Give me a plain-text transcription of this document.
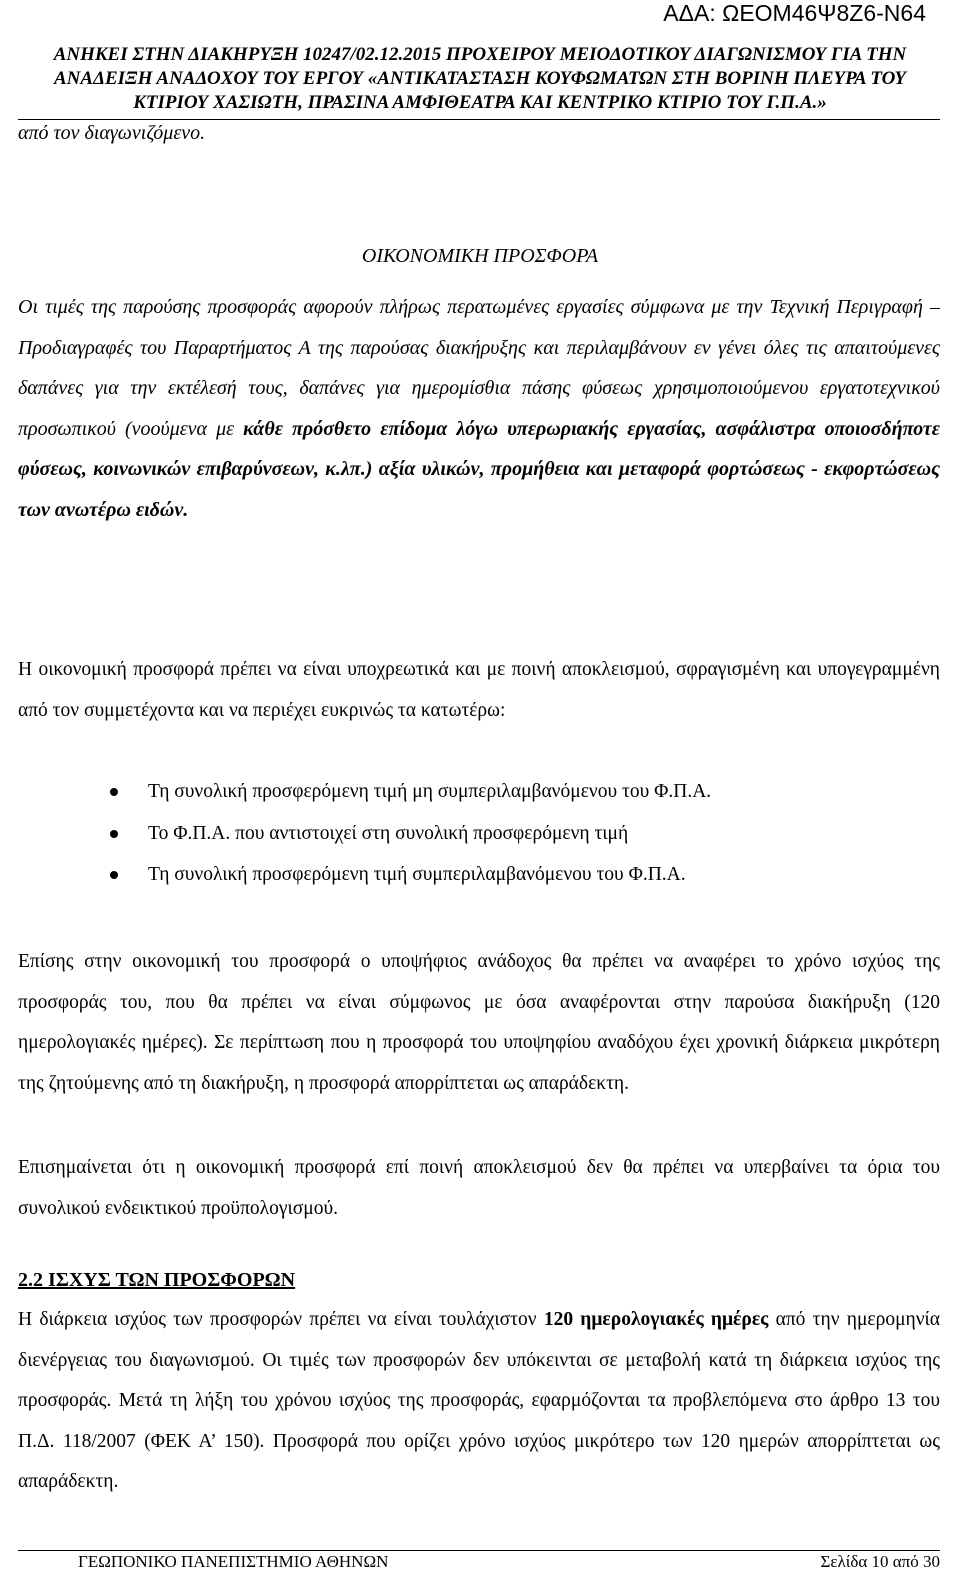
ΑΔΑ: ΩΕΟΜ46Ψ8Ζ6-Ν64
ΑΝΗΚΕΙ ΣΤΗΝ ΔΙΑΚΗΡΥΞΗ 10247/02.12.2015 ΠΡΟΧΕΙΡΟΥ ΜΕΙΟΔΟΤΙΚΟΥ ΔΙΑΓΩΝΙΣΜΟΥ ΓΙΑ ΤΗΝ
ΑΝΑΔΕΙΞΗ ΑΝΑΔΟΧΟΥ ΤΟΥ ΕΡΓΟΥ «ΑΝΤΙΚΑΤΑΣΤΑΣΗ ΚΟΥΦΩΜΑΤΩΝ ΣΤΗ ΒΟΡΙΝΗ ΠΛΕΥΡΑ ΤΟΥ
ΚΤΙΡΙΟΥ ΧΑΣΙΩΤΗ, ΠΡΑΣΙΝΑ ΑΜΦΙΘΕΑΤΡΑ ΚΑΙ ΚΕΝΤΡΙΚΟ ΚΤΙΡΙΟ ΤΟΥ Γ.Π.Α.»
από τον διαγωνιζόμενο.
ΟΙΚΟΝΟΜΙΚΗ ΠΡΟΣΦΟΡΑ
Οι τιμές της παρούσης προσφοράς αφορούν πλήρως περατωμένες εργασίες σύμφωνα με την Τεχνική Περιγραφή – Προδιαγραφές του Παραρτήματος Α της παρούσας διακήρυξης και περιλαμβάνουν εν γένει όλες τις απαιτούμενες δαπάνες για την εκτέλεσή τους, δαπάνες για ημερομίσθια πάσης φύσεως χρησιμοποιούμενου εργατοτεχνικού προσωπικού (νοούμενα με κάθε πρόσθετο επίδομα λόγω υπερωριακής εργασίας, ασφάλιστρα οποιοσδήποτε φύσεως, κοινωνικών επιβαρύνσεων, κ.λπ.) αξία υλικών, προμήθεια και μεταφορά φορτώσεως - εκφορτώσεως των ανωτέρω ειδών.
Η οικονομική προσφορά πρέπει να είναι υποχρεωτικά και με ποινή αποκλεισμού, σφραγισμένη και υπογεγραμμένη από τον συμμετέχοντα και να περιέχει ευκρινώς τα κατωτέρω:
Τη συνολική προσφερόμενη τιμή μη συμπεριλαμβανόμενου του Φ.Π.Α.
Το Φ.Π.Α. που αντιστοιχεί στη συνολική προσφερόμενη τιμή
Τη συνολική προσφερόμενη τιμή συμπεριλαμβανόμενου του Φ.Π.Α.
Επίσης στην οικονομική του προσφορά ο υποψήφιος ανάδοχος θα πρέπει να αναφέρει το χρόνο ισχύος της προσφοράς του, που θα πρέπει να είναι σύμφωνος με όσα αναφέρονται στην παρούσα διακήρυξη (120 ημερολογιακές ημέρες). Σε περίπτωση που η προσφορά του υποψηφίου αναδόχου έχει χρονική διάρκεια μικρότερη της ζητούμενης από τη διακήρυξη, η προσφορά απορρίπτεται ως απαράδεκτη.
Επισημαίνεται ότι η οικονομική προσφορά επί ποινή αποκλεισμού δεν θα πρέπει να υπερβαίνει τα όρια του συνολικού ενδεικτικού προϋπολογισμού.
2.2 ΙΣΧΥΣ ΤΩΝ ΠΡΟΣΦΟΡΩΝ
Η διάρκεια ισχύος των προσφορών πρέπει να είναι τουλάχιστον 120 ημερολογιακές ημέρες από την ημερομηνία διενέργειας του διαγωνισμού. Οι τιμές των προσφορών δεν υπόκεινται σε μεταβολή κατά τη διάρκεια ισχύος της προσφοράς. Μετά τη λήξη του χρόνου ισχύος της προσφοράς, εφαρμόζονται τα προβλεπόμενα στο άρθρο 13 του Π.Δ. 118/2007 (ΦΕΚ Α’ 150). Προσφορά που ορίζει χρόνο ισχύος μικρότερο των 120 ημερών απορρίπτεται ως απαράδεκτη.
ΓΕΩΠΟΝΙΚΟ ΠΑΝΕΠΙΣΤΗΜΙΟ ΑΘΗΝΩΝ	Σελίδα 10 από 30
